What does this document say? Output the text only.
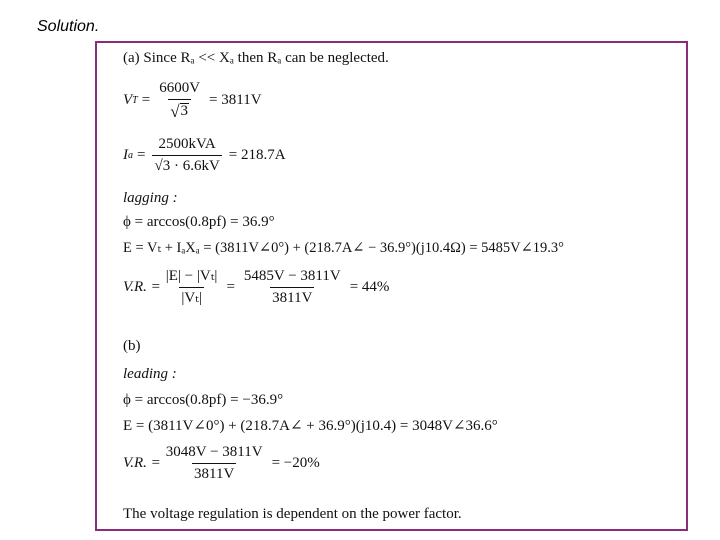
Solution.
(a) Since Rₐ << Xₐ then Rₐ can be neglected.
V $T = \frac{6600V}{√ 3} = 3811V$
I $a = \frac{\text{2500kVA}}{√3 \cdot 6.6kV} = 218.7A$
lagging :
ϕ = arccos(0.8pf) = 36.9°
E = Vₜ + IₐXₐ = (3811V∠0°) + (218.7A∠ − 36.9°)(j10.4Ω) = 5485V∠19.3°
V.R. = $\frac{\text{|E| − |Vₜ|}}{\text{|Vₜ|}} = \frac{5485V - 3811V}{3811V} = 44\%$
(b)
leading :
ϕ = arccos(0.8pf) = −36.9°
E = (3811V∠0°) + (218.7A∠ + 36.9°)(j10.4) = 3048V∠36.6°
V.R. = $\frac{3048V - 3811V}{3811V} = -20\%$
The voltage regulation is dependent on the power factor.
